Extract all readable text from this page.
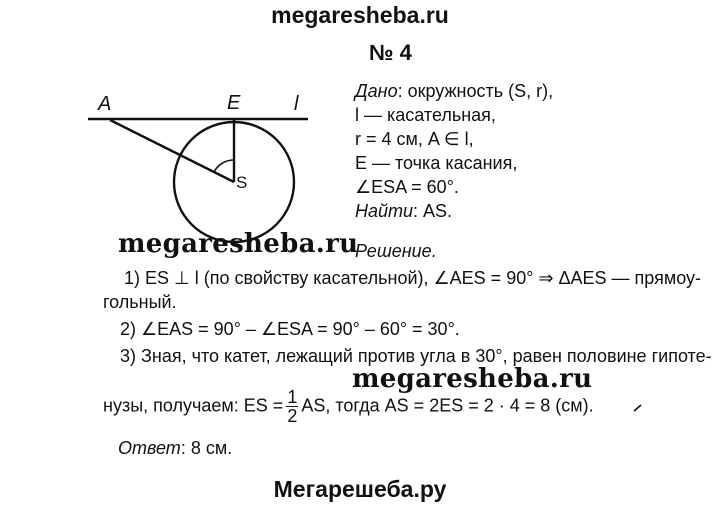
megaresheba.ru
№ 4
A	E	l
S
Дано: окружность (S, r),
l — касательная,
r = 4 см, A ∈ l,
E — точка касания,
∠ESA = 60°.
Найти: AS.
Решение.
megaresheba.ru
1) ES ⊥ l (по свойству касательной), ∠AES = 90° ⇒ ΔAES — прямоу-
гольный.
2) ∠EAS = 90° – ∠ESA = 90° – 60° = 30°.
3) Зная, что катет, лежащий против угла в 30°, равен половине гипоте-
megaresheba.ru
нузы, получаем: ES = $\frac{1}{2}$ AS, тогда AS = 2ES = 2 · 4 = 8 (см).
Ответ: 8 см.
Мегарешеба.ру
